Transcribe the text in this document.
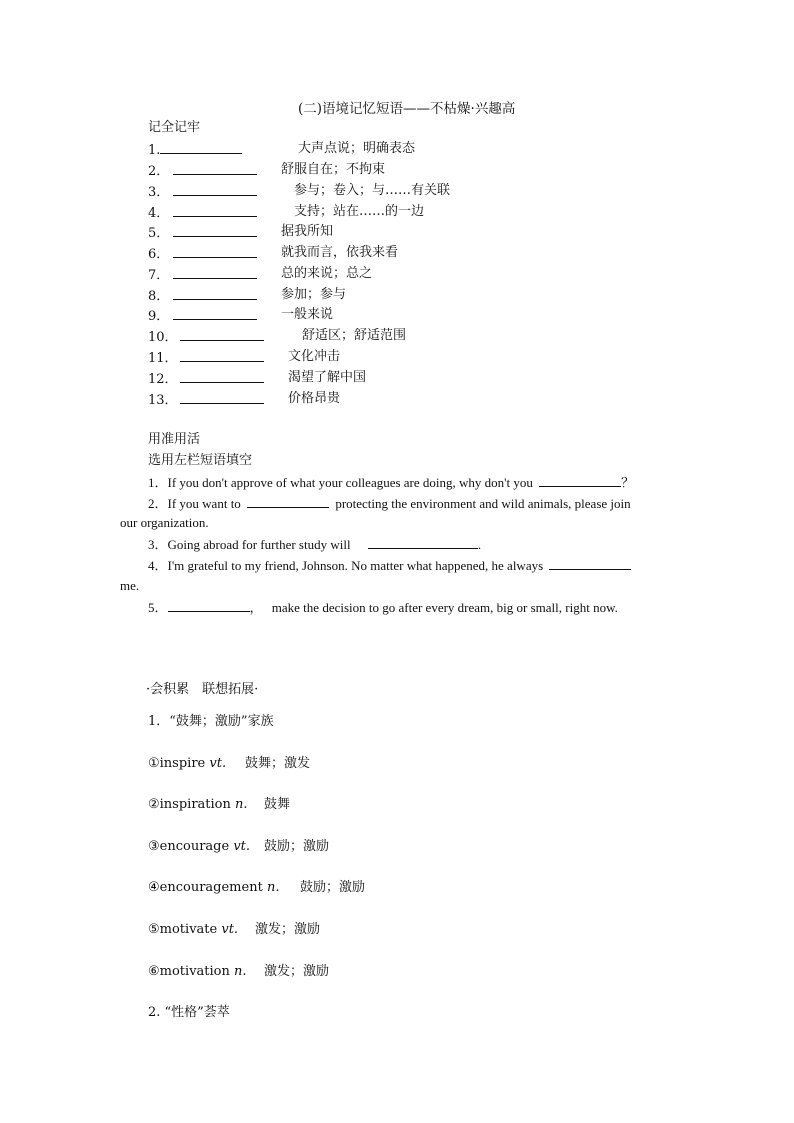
(二)语境记忆短语——不枯燥·兴趣高
记全记牢
1.	大声点说；明确表态
2．	舒服自在；不拘束
3．	参与；卷入；与……有关联
4．	支持；站在……的一边
5．	据我所知
6．	就我而言，依我来看
7．	总的来说；总之
8．	参加；参与
9．	一般来说
10．	舒适区；舒适范围
11．	文化冲击
12．	渴望了解中国
13．	价格昂贵
用准用活
选用左栏短语填空
1．If you don't approve of what your colleagues are doing, why don't you	？
2．If you want to	protecting the environment and wild animals, please join
our organization.
3．Going abroad for further study will	.
4．I'm grateful to my friend, Johnson. No matter what happened, he always
me.
5．	， make the decision to go after every dream, big or small, right now.
·会积累　联想拓展·
1．“鼓舞；激励”家族
①inspire vt. 鼓舞；激发
②inspiration n. 鼓舞
③encourage vt. 鼓励；激励
④encouragement n. 鼓励；激励
⑤motivate vt. 激发；激励
⑥motivation n. 激发；激励
2. “性格”荟萃
